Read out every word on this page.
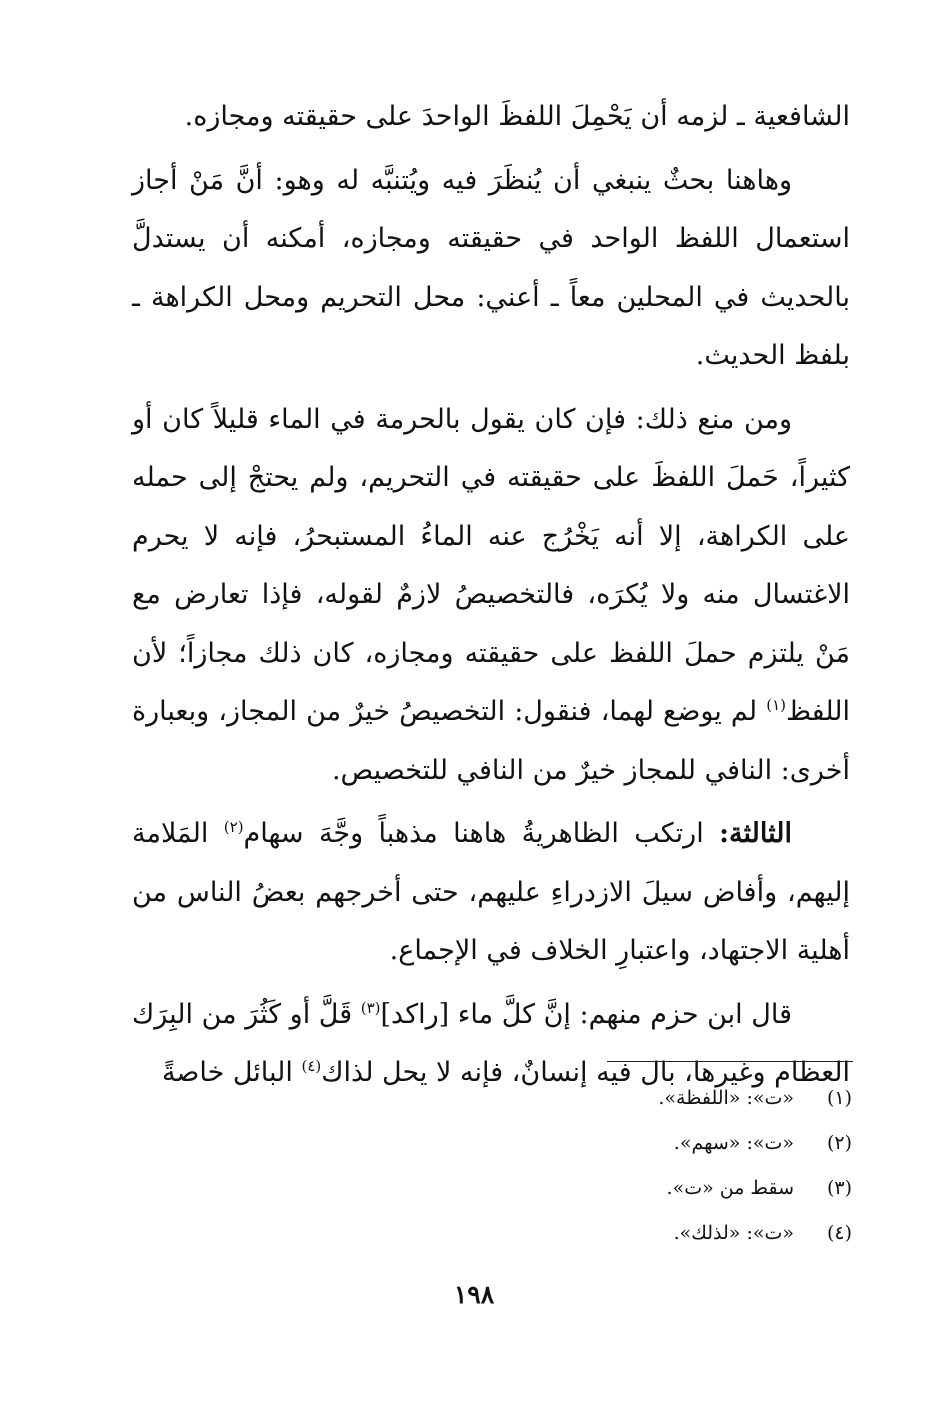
الشافعية ـ لزمه أن يَحْمِلَ اللفظَ الواحدَ على حقيقته ومجازه.

وهاهنا بحثٌ ينبغي أن يُنظَرَ فيه ويُتنبَّه له وهو: أنَّ مَنْ أجاز استعمال اللفظ الواحد في حقيقته ومجازه، أمكنه أن يستدلَّ بالحديث في المحلين معاً ـ أعني: محل التحريم ومحل الكراهة ـ بلفظ الحديث.

ومن منع ذلك: فإن كان يقول بالحرمة في الماء قليلاً كان أو كثيراً، حَملَ اللفظَ على حقيقته في التحريم، ولم يحتجْ إلى حمله على الكراهة، إلا أنه يَخْرُج عنه الماءُ المستبحرُ، فإنه لا يحرم الاغتسال منه ولا يُكرَه، فالتخصيصُ لازمٌ لقوله، فإذا تعارض مع مَنْ يلتزم حملَ اللفظ على حقيقته ومجازه، كان ذلك مجازاً؛ لأن اللفظ$^{(١)}$ لم يوضع لهما، فنقول: التخصيصُ خيرٌ من المجاز، وبعبارة أخرى: النافي للمجاز خيرٌ من النافي للتخصيص.

الثالثة: ارتكب الظاهريةُ هاهنا مذهباً وجَّهَ سهام$^{(٢)}$ المَلامة إليهم، وأفاض سيلَ الازدراءِ عليهم، حتى أخرجهم بعضُ الناس من أهلية الاجتهاد، واعتبارِ الخلاف في الإجماع.

قال ابن حزم منهم: إنَّ كلَّ ماء [راكد]$^{(٣)}$ قَلَّ أو كَثُرَ من البِرَك العظام وغيرها، بال فيه إنسانٌ، فإنه لا يحل لذاك$^{(٤)}$ البائل خاصةً

(١)
«ت»: «اللفظة».
(٢)
«ت»: «سهم».
(٣)
سقط من «ت».
(٤)
«ت»: «لذلك».
١٩٨
